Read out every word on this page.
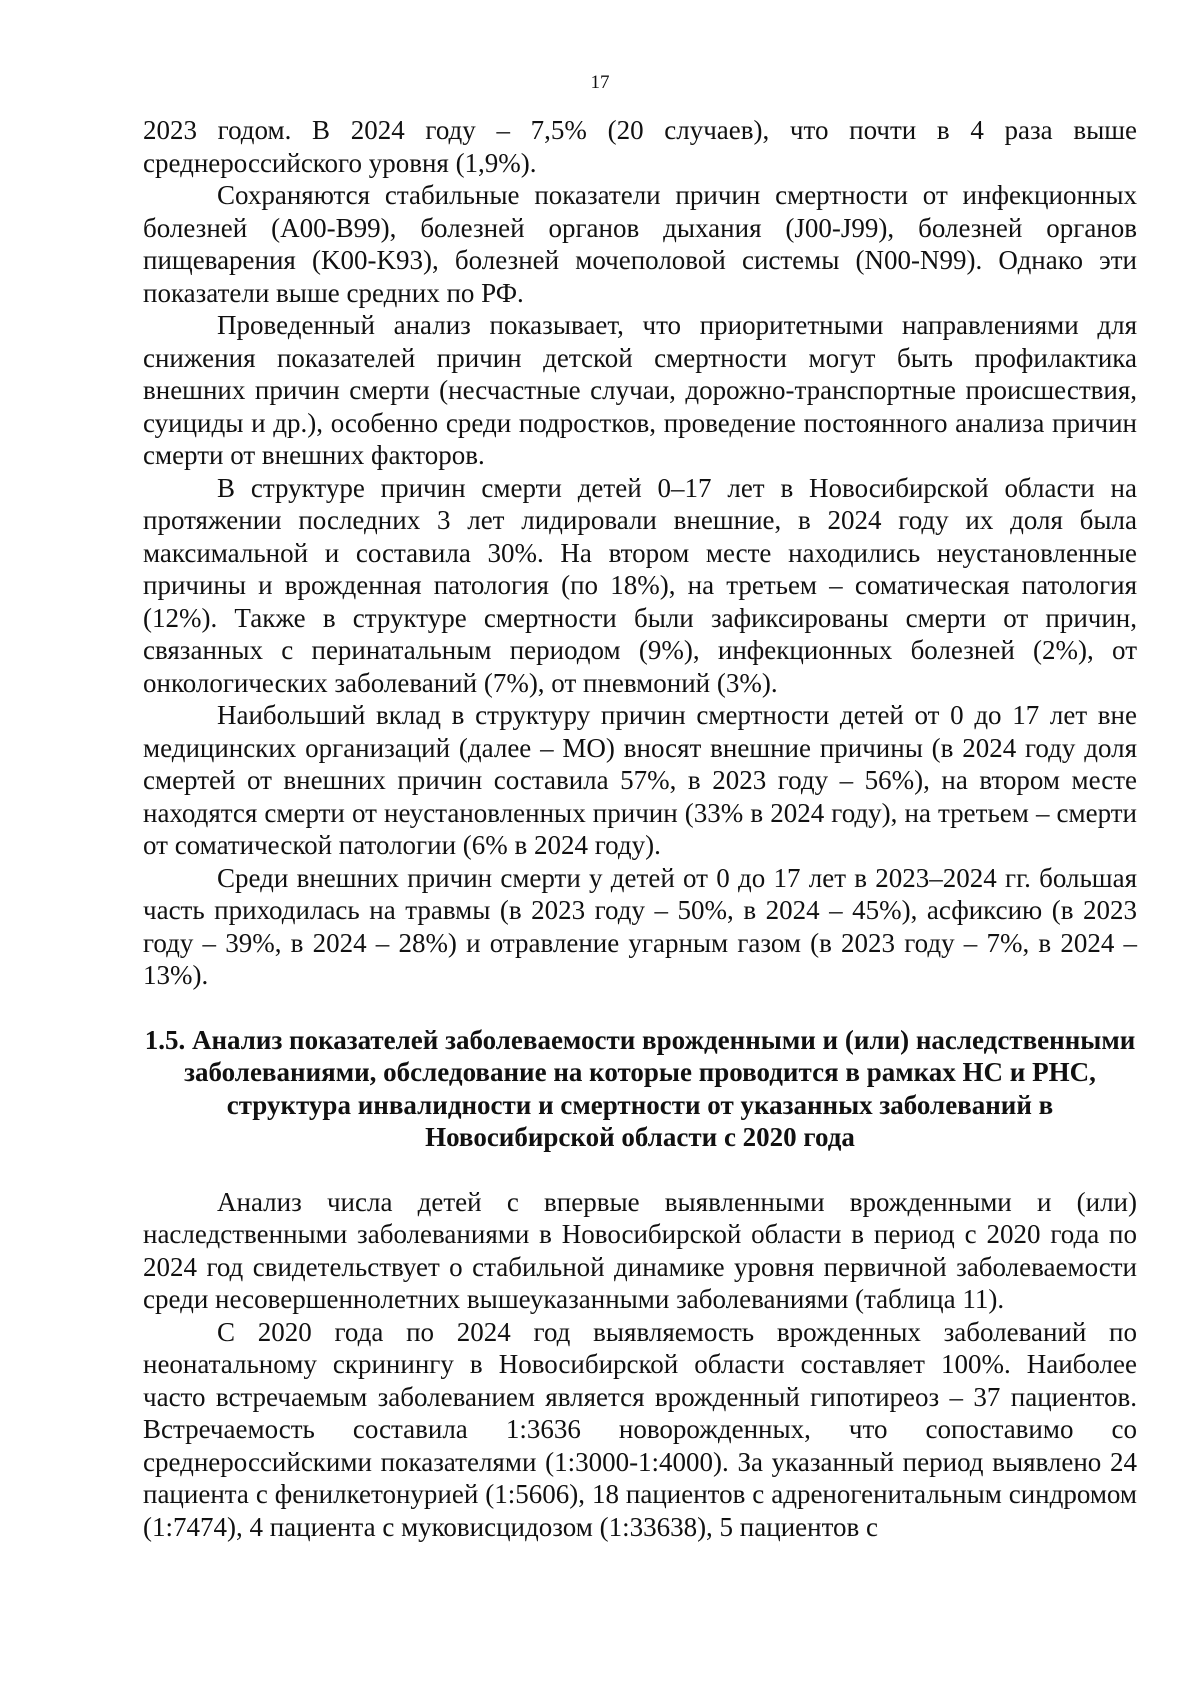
17

2023 годом. В 2024 году – 7,5% (20 случаев), что почти в 4 раза выше среднероссийского уровня (1,9%).

Сохраняются стабильные показатели причин смертности от инфекционных болезней (A00-B99), болезней органов дыхания (J00-J99), болезней органов пищеварения (K00-K93), болезней мочеполовой системы (N00-N99). Однако эти показатели выше средних по РФ.

Проведенный анализ показывает, что приоритетными направлениями для снижения показателей причин детской смертности могут быть профилактика внешних причин смерти (несчастные случаи, дорожно-транспортные происшествия, суициды и др.), особенно среди подростков, проведение постоянного анализа причин смерти от внешних факторов.

В структуре причин смерти детей 0–17 лет в Новосибирской области на протяжении последних 3 лет лидировали внешние, в 2024 году их доля была максимальной и составила 30%. На втором месте находились неустановленные причины и врожденная патология (по 18%), на третьем – соматическая патология (12%). Также в структуре смертности были зафиксированы смерти от причин, связанных с перинатальным периодом (9%), инфекционных болезней (2%), от онкологических заболеваний (7%), от пневмоний (3%).

Наибольший вклад в структуру причин смертности детей от 0 до 17 лет вне медицинских организаций (далее – МО) вносят внешние причины (в 2024 году доля смертей от внешних причин составила 57%, в 2023 году – 56%), на втором месте находятся смерти от неустановленных причин (33% в 2024 году), на третьем – смерти от соматической патологии (6% в 2024 году).

Среди внешних причин смерти у детей от 0 до 17 лет в 2023–2024 гг. большая часть приходилась на травмы (в 2023 году – 50%, в 2024 – 45%), асфиксию (в 2023 году – 39%, в 2024 – 28%) и отравление угарным газом (в 2023 году – 7%, в 2024 – 13%).

1.5. Анализ показателей заболеваемости врожденными и (или) наследственными заболеваниями, обследование на которые проводится в рамках НС и РНС, структура инвалидности и смертности от указанных заболеваний в Новосибирской области с 2020 года

Анализ числа детей с впервые выявленными врожденными и (или) наследственными заболеваниями в Новосибирской области в период с 2020 года по 2024 год свидетельствует о стабильной динамике уровня первичной заболеваемости среди несовершеннолетних вышеуказанными заболеваниями (таблица 11).

С 2020 года по 2024 год выявляемость врожденных заболеваний по неонатальному скринингу в Новосибирской области составляет 100%. Наиболее часто встречаемым заболеванием является врожденный гипотиреоз – 37 пациентов. Встречаемость составила 1:3636 новорожденных, что сопоставимо со среднероссийскими показателями (1:3000-1:4000). За указанный период выявлено 24 пациента с фенилкетонурией (1:5606), 18 пациентов с адреногенитальным синдромом (1:7474), 4 пациента с муковисцидозом (1:33638), 5 пациентов с
